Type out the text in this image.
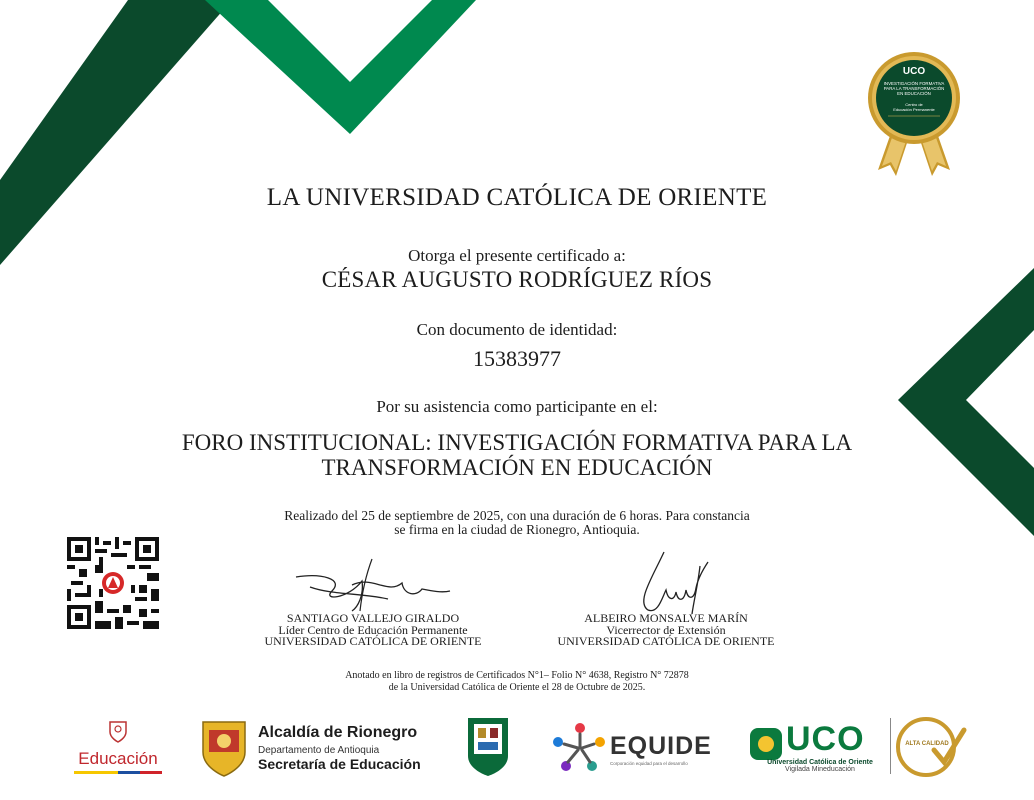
UCO
INVESTIGACIÓN FORMATIVA
PARA LA TRANSFORMACIÓN
EN EDUCACIÓN
Centro de
Educación Permanente
LA UNIVERSIDAD CATÓLICA DE ORIENTE
Otorga el presente certificado a:
CÉSAR AUGUSTO RODRÍGUEZ RÍOS
Con documento de identidad:
15383977
Por su asistencia como participante en el:
FORO INSTITUCIONAL: INVESTIGACIÓN FORMATIVA PARA LA TRANSFORMACIÓN EN EDUCACIÓN
Realizado del 25 de septiembre de 2025, con una duración de 6 horas. Para constancia se firma en la ciudad de Rionegro, Antioquia.
SANTIAGO VALLEJO GIRALDO
Líder Centro de Educación Permanente
UNIVERSIDAD CATÓLICA DE ORIENTE
ALBEIRO MONSALVE MARÍN
Vicerrector de Extensión
UNIVERSIDAD CATÓLICA DE ORIENTE
Anotado en libro de registros de Certificados N°1– Folio N° 4638, Registro N° 72878
de la Universidad Católica de Oriente el 28 de Octubre de 2025.
Educación
Alcaldía de Rionegro
Departamento de Antioquia
Secretaría de Educación
EQUIDE
Corporación equidad para el desarrollo
UCO
Universidad Católica de Oriente
Vigilada Mineducación
ALTA CALIDAD
